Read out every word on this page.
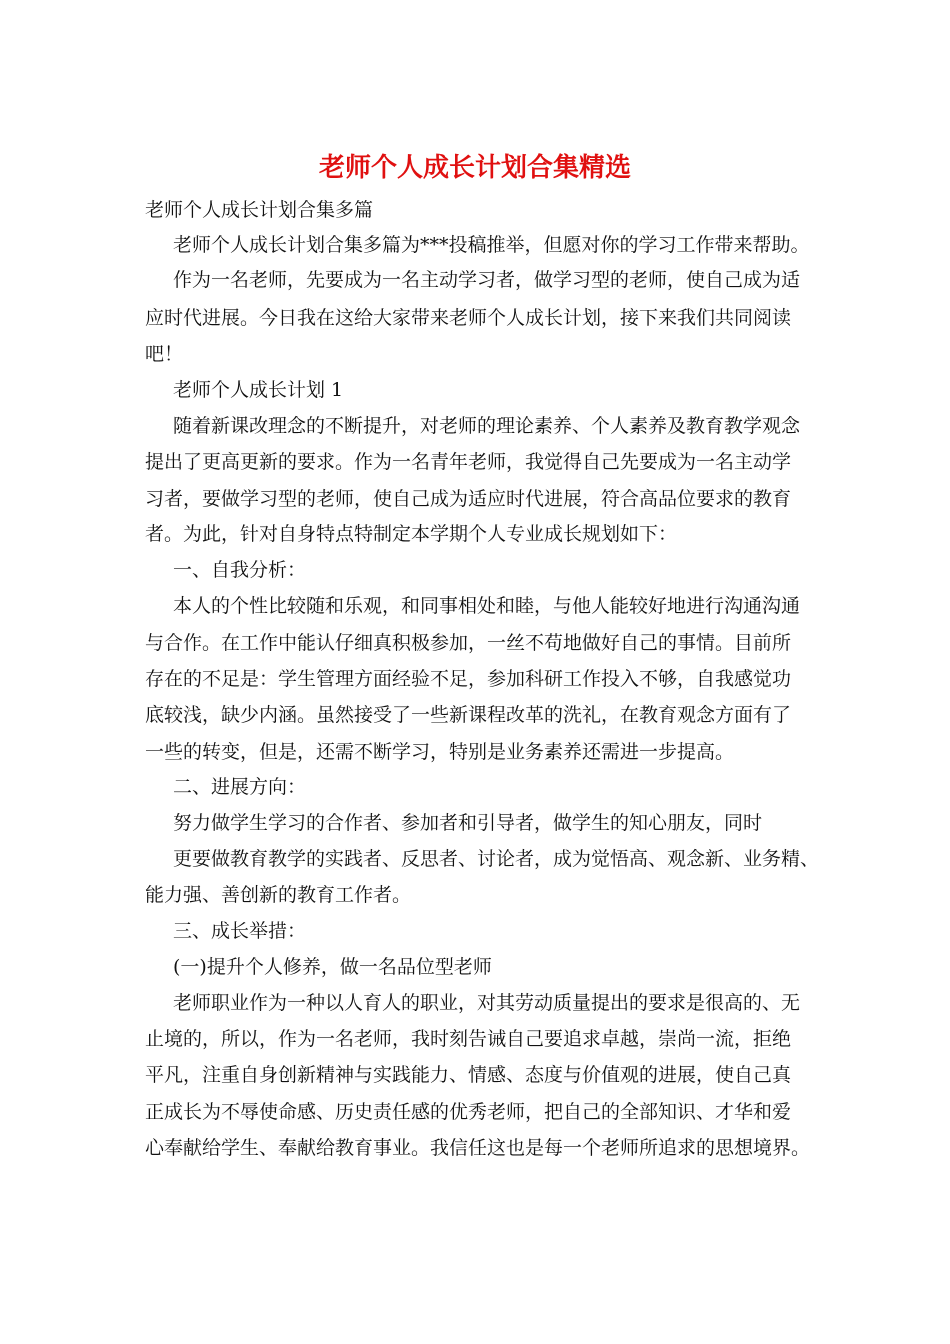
老师个人成长计划合集精选

老师个人成长计划合集多篇

老师个人成长计划合集多篇为***投稿推举，但愿对你的学习工作带来帮助。

作为一名老师，先要成为一名主动学习者，做学习型的老师，使自己成为适

应时代进展。今日我在这给大家带来老师个人成长计划，接下来我们共同阅读

吧！

老师个人成长计划 1

随着新课改理念的不断提升，对老师的理论素养、个人素养及教育教学观念

提出了更高更新的要求。作为一名青年老师，我觉得自己先要成为一名主动学

习者，要做学习型的老师，使自己成为适应时代进展，符合高品位要求的教育

者。为此，针对自身特点特制定本学期个人专业成长规划如下：

一、自我分析：

本人的个性比较随和乐观，和同事相处和睦，与他人能较好地进行沟通沟通

与合作。在工作中能认仔细真积极参加，一丝不苟地做好自己的事情。目前所

存在的不足是：学生管理方面经验不足，参加科研工作投入不够，自我感觉功

底较浅，缺少内涵。虽然接受了一些新课程改革的洗礼，在教育观念方面有了

一些的转变，但是，还需不断学习，特别是业务素养还需进一步提高。

二、进展方向：

努力做学生学习的合作者、参加者和引导者，做学生的知心朋友，同时

更要做教育教学的实践者、反思者、讨论者，成为觉悟高、观念新、业务精、

能力强、善创新的教育工作者。

三、成长举措：

(一)提升个人修养，做一名品位型老师

老师职业作为一种以人育人的职业，对其劳动质量提出的要求是很高的、无

止境的，所以，作为一名老师，我时刻告诫自己要追求卓越，崇尚一流，拒绝

平凡，注重自身创新精神与实践能力、情感、态度与价值观的进展，使自己真

正成长为不辱使命感、历史责任感的优秀老师，把自己的全部知识、才华和爱

心奉献给学生、奉献给教育事业。我信任这也是每一个老师所追求的思想境界。
